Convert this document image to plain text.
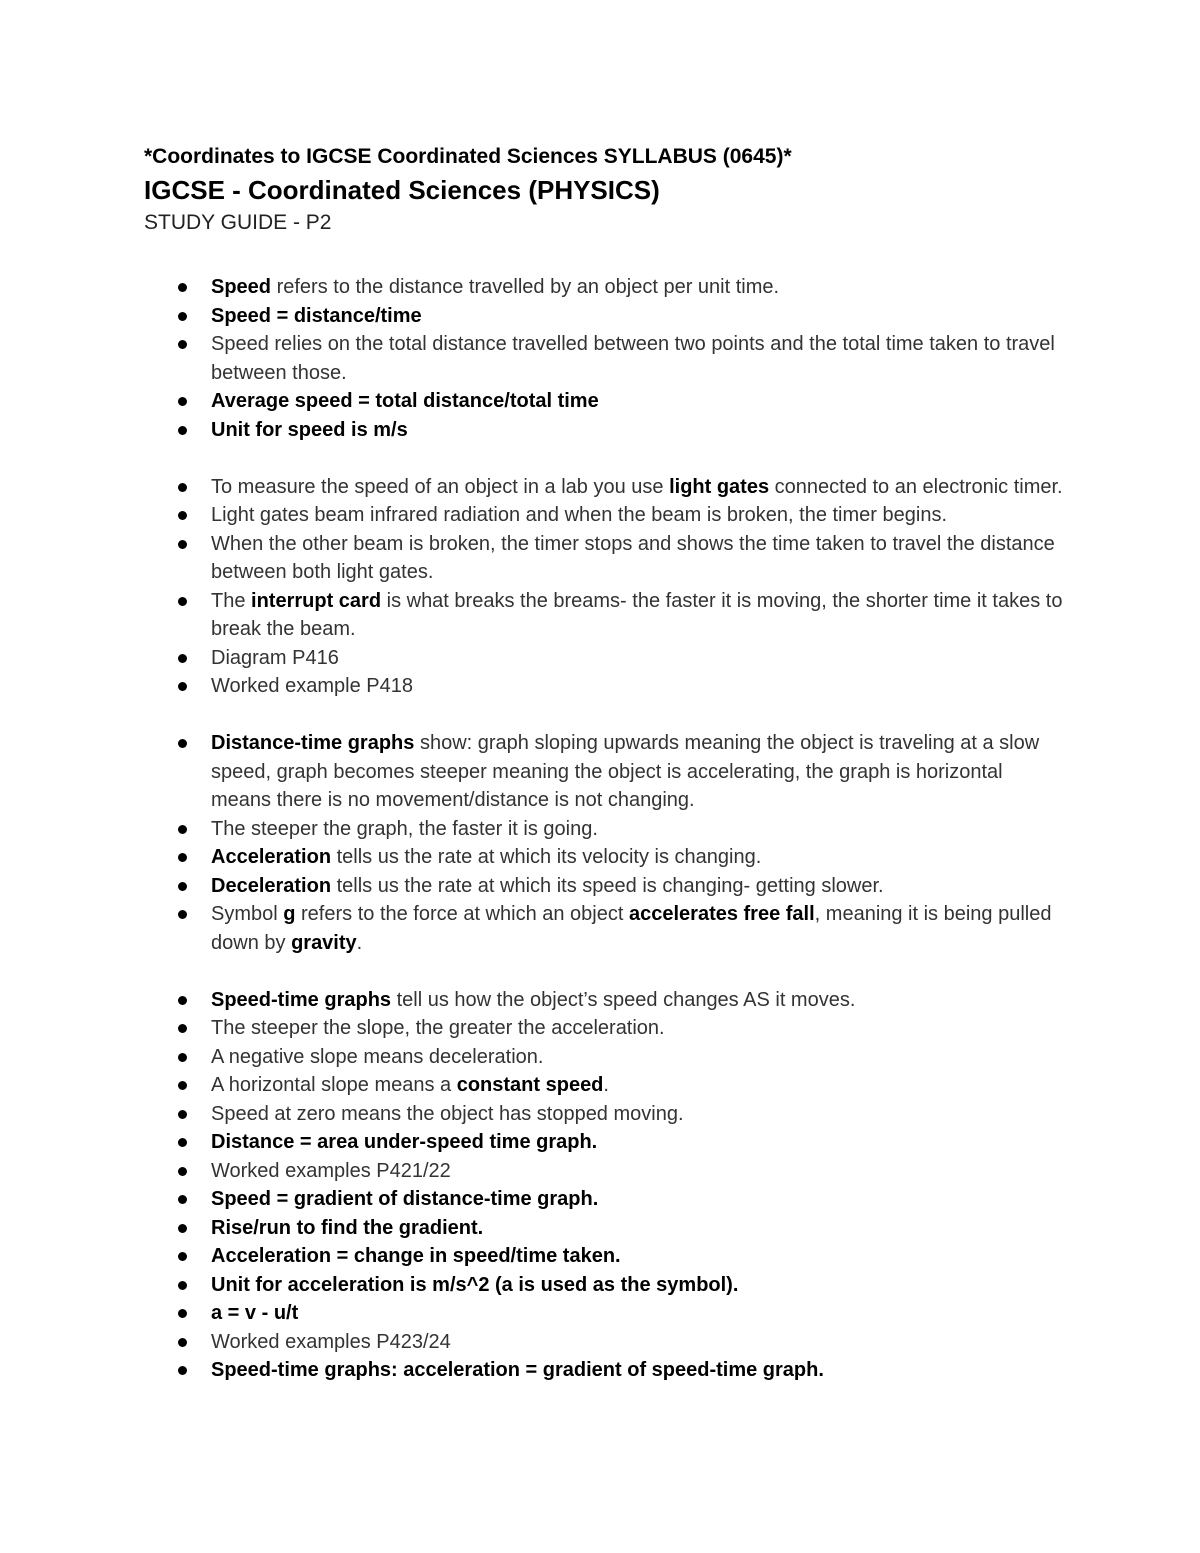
*Coordinates to IGCSE Coordinated Sciences SYLLABUS (0645)*

IGCSE - Coordinated Sciences (PHYSICS)

STUDY GUIDE - P2

Speed refers to the distance travelled by an object per unit time.
Speed = distance/time
Speed relies on the total distance travelled between two points and the total time taken to travel between those.
Average speed = total distance/total time
Unit for speed is m/s
To measure the speed of an object in a lab you use light gates connected to an electronic timer.
Light gates beam infrared radiation and when the beam is broken, the timer begins.
When the other beam is broken, the timer stops and shows the time taken to travel the distance between both light gates.
The interrupt card is what breaks the breams- the faster it is moving, the shorter time it takes to break the beam.
Diagram P416
Worked example P418
Distance-time graphs show: graph sloping upwards meaning the object is traveling at a slow speed, graph becomes steeper meaning the object is accelerating, the graph is horizontal means there is no movement/distance is not changing.
The steeper the graph, the faster it is going.
Acceleration tells us the rate at which its velocity is changing.
Deceleration tells us the rate at which its speed is changing- getting slower.
Symbol g refers to the force at which an object accelerates free fall, meaning it is being pulled down by gravity.
Speed-time graphs tell us how the object’s speed changes AS it moves.
The steeper the slope, the greater the acceleration.
A negative slope means deceleration.
A horizontal slope means a constant speed.
Speed at zero means the object has stopped moving.
Distance = area under-speed time graph.
Worked examples P421/22
Speed = gradient of distance-time graph.
Rise/run to find the gradient.
Acceleration = change in speed/time taken.
Unit for acceleration is m/s^2 (a is used as the symbol).
a = v - u/t
Worked examples P423/24
Speed-time graphs: acceleration = gradient of speed-time graph.
